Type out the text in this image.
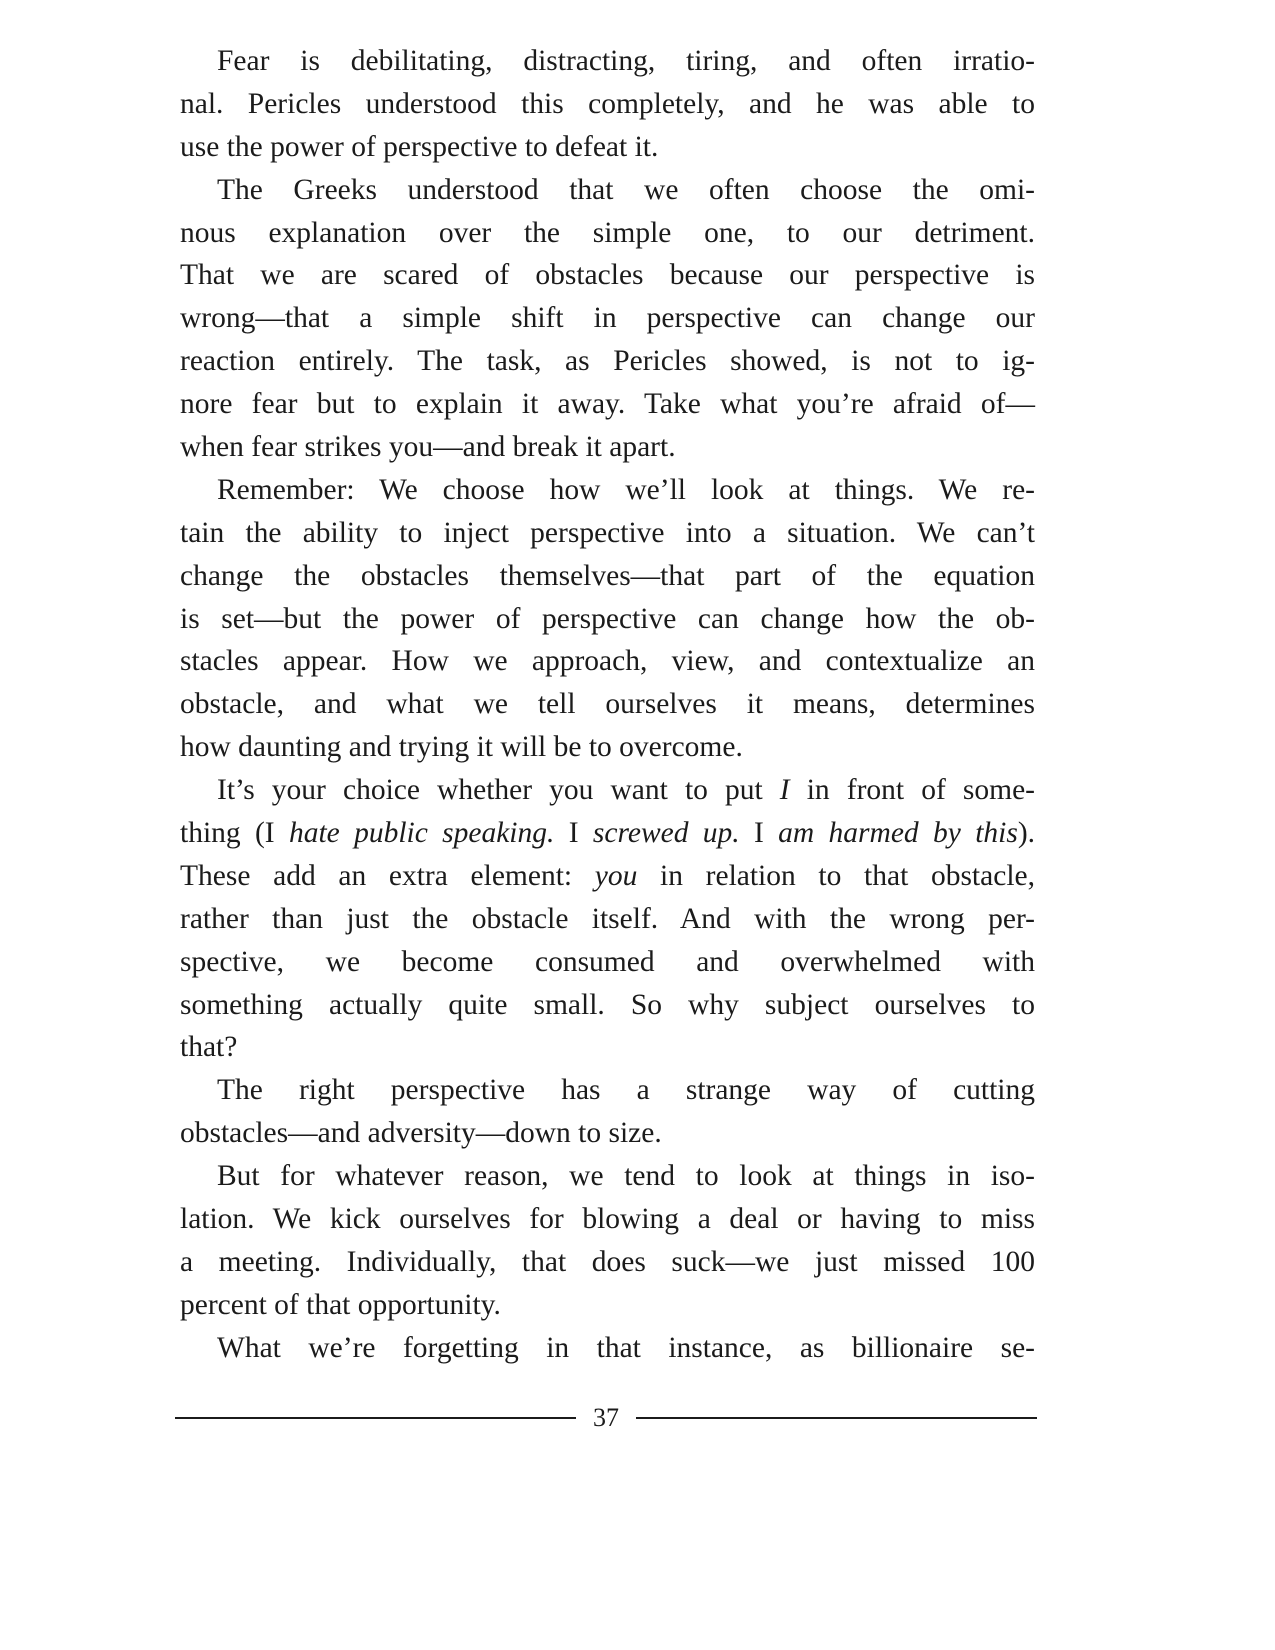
Fear is debilitating, distracting, tiring, and often irratio-
nal. Pericles understood this completely, and he was able to
use the power of perspective to defeat it.
The Greeks understood that we often choose the omi-
nous explanation over the simple one, to our detriment.
That we are scared of obstacles because our perspective is
wrong—that a simple shift in perspective can change our
reaction entirely. The task, as Pericles showed, is not to ig-
nore fear but to explain it away. Take what you’re afraid of—
when fear strikes you—and break it apart.
Remember: We choose how we’ll look at things. We re-
tain the ability to inject perspective into a situation. We can’t
change the obstacles themselves—that part of the equation
is set—but the power of perspective can change how the ob-
stacles appear. How we approach, view, and contextualize an
obstacle, and what we tell ourselves it means, determines
how daunting and trying it will be to overcome.
It’s your choice whether you want to put I in front of some-
thing (I hate public speaking. I screwed up. I am harmed by this).
These add an extra element: you in relation to that obstacle,
rather than just the obstacle itself. And with the wrong per-
spective, we become consumed and overwhelmed with
something actually quite small. So why subject ourselves to
that?
The right perspective has a strange way of cutting
obstacles—and adversity—down to size.
But for whatever reason, we tend to look at things in iso-
lation. We kick ourselves for blowing a deal or having to miss
a meeting. Individually, that does suck—we just missed 100
percent of that opportunity.
What we’re forgetting in that instance, as billionaire se-
37
